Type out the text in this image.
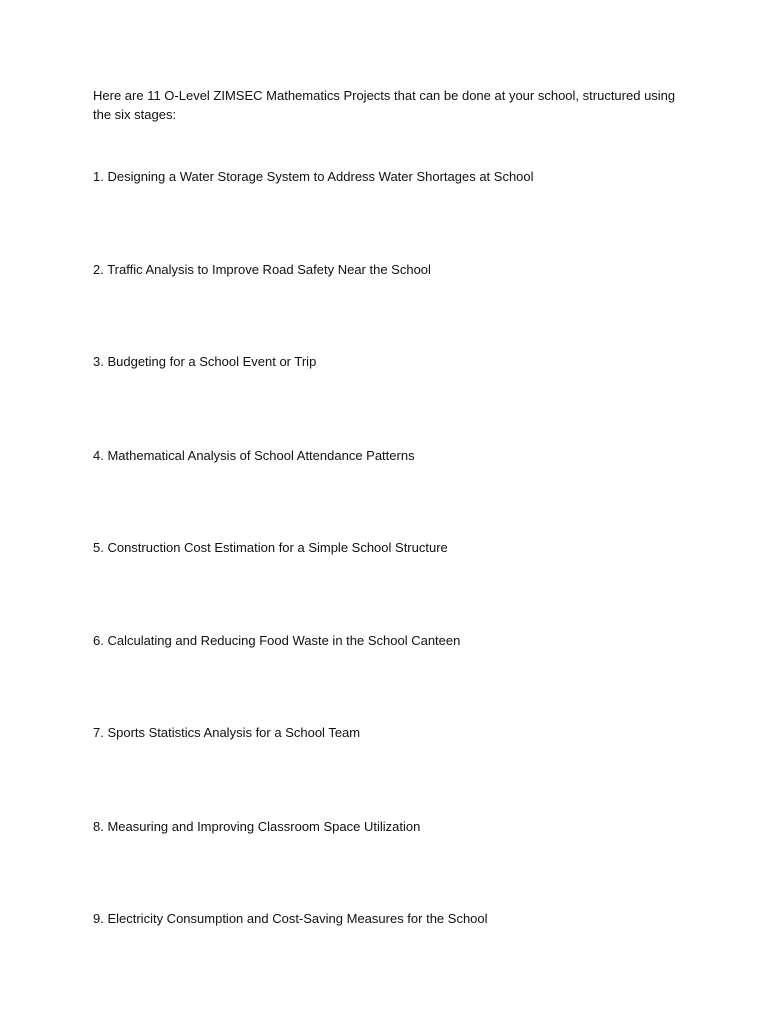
Here are 11 O-Level ZIMSEC Mathematics Projects that can be done at your school, structured using the six stages:

1. Designing a Water Storage System to Address Water Shortages at School

2. Traffic Analysis to Improve Road Safety Near the School

3. Budgeting for a School Event or Trip

4. Mathematical Analysis of School Attendance Patterns

5. Construction Cost Estimation for a Simple School Structure

6. Calculating and Reducing Food Waste in the School Canteen

7. Sports Statistics Analysis for a School Team

8. Measuring and Improving Classroom Space Utilization

9. Electricity Consumption and Cost-Saving Measures for the School
